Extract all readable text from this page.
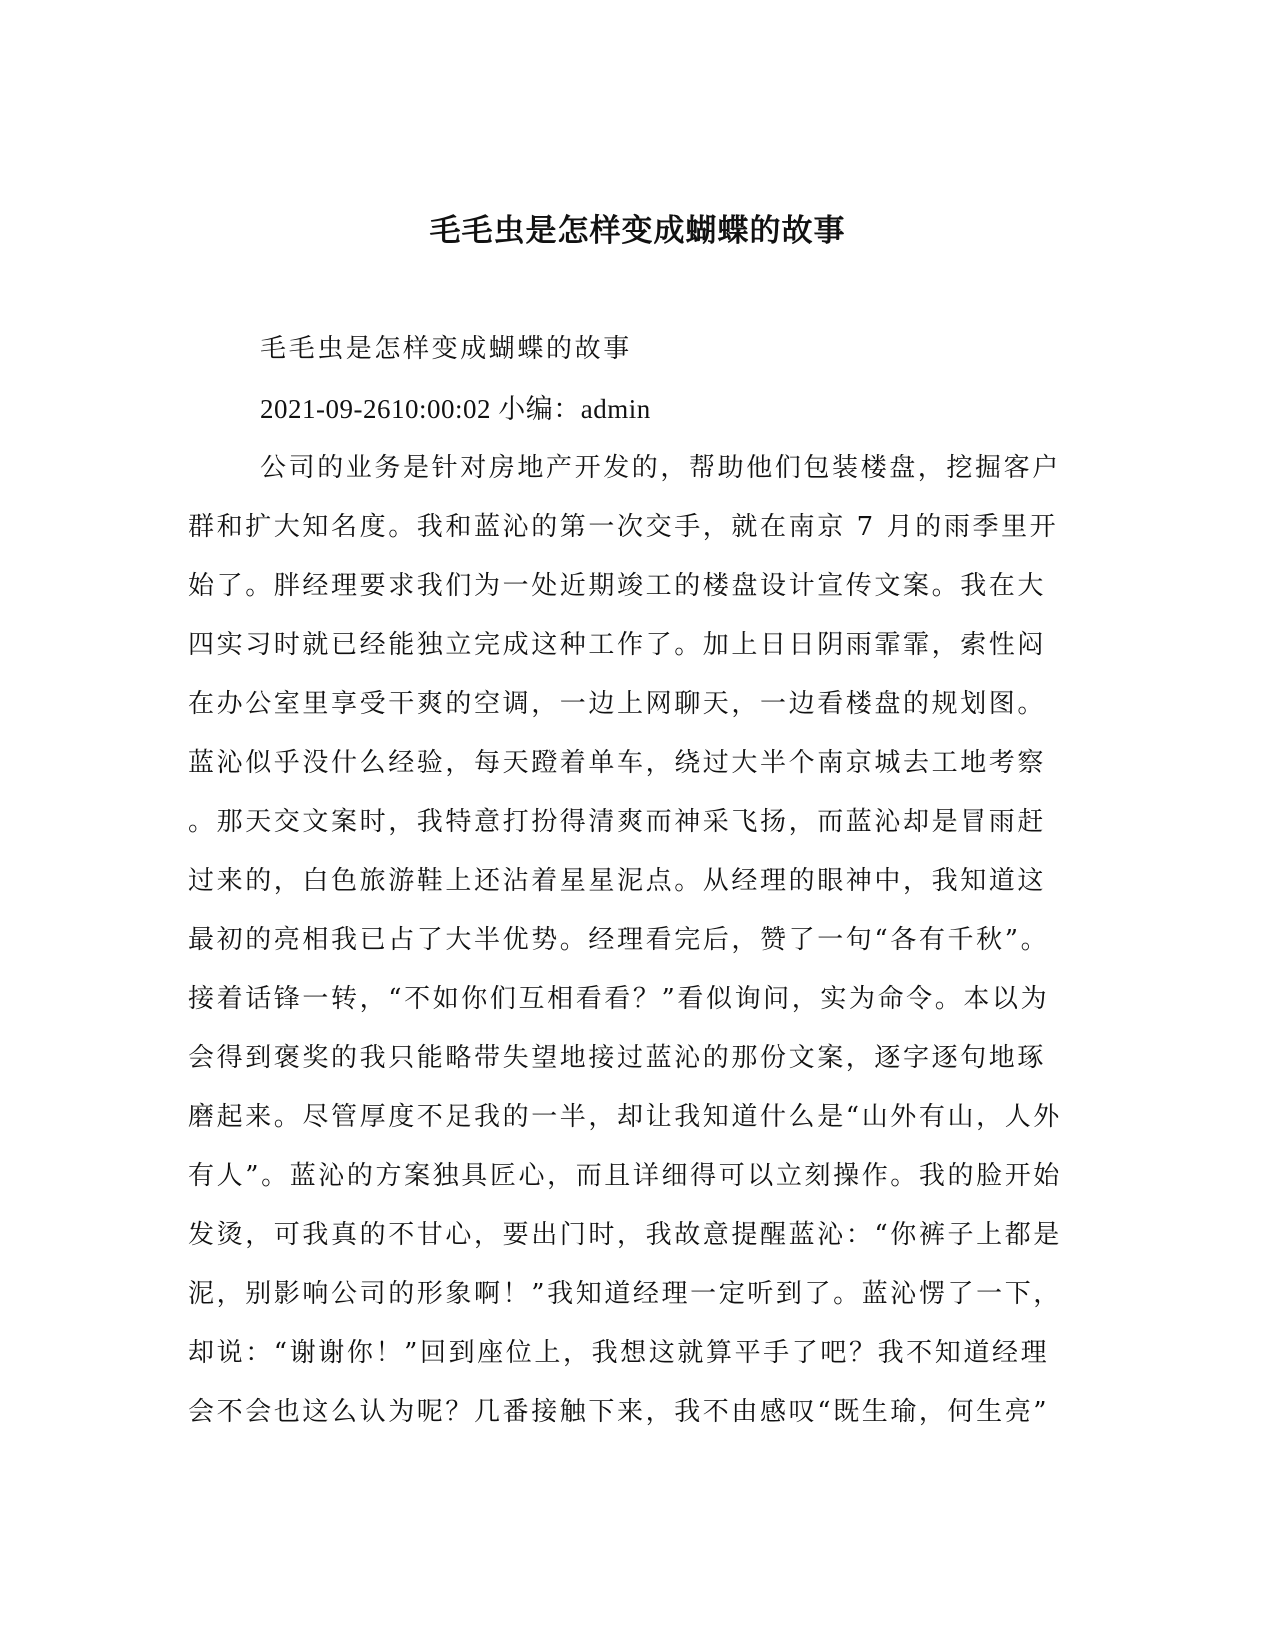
毛毛虫是怎样变成蝴蝶的故事
毛毛虫是怎样变成蝴蝶的故事
2021-09-2610:00:02 小编：admin
公司的业务是针对房地产开发的，帮助他们包装楼盘，挖掘客户
群和扩大知名度。我和蓝沁的第一次交手，就在南京 7 月的雨季里开
始了。胖经理要求我们为一处近期竣工的楼盘设计宣传文案。我在大
四实习时就已经能独立完成这种工作了。加上日日阴雨霏霏，索性闷
在办公室里享受干爽的空调，一边上网聊天，一边看楼盘的规划图。
蓝沁似乎没什么经验，每天蹬着单车，绕过大半个南京城去工地考察
。那天交文案时，我特意打扮得清爽而神采飞扬，而蓝沁却是冒雨赶
过来的，白色旅游鞋上还沾着星星泥点。从经理的眼神中，我知道这
最初的亮相我已占了大半优势。经理看完后，赞了一句“各有千秋”。
接着话锋一转，“不如你们互相看看？”看似询问，实为命令。本以为
会得到褒奖的我只能略带失望地接过蓝沁的那份文案，逐字逐句地琢
磨起来。尽管厚度不足我的一半，却让我知道什么是“山外有山，人外
有人”。蓝沁的方案独具匠心，而且详细得可以立刻操作。我的脸开始
发烫，可我真的不甘心，要出门时，我故意提醒蓝沁：“你裤子上都是
泥，别影响公司的形象啊！”我知道经理一定听到了。蓝沁愣了一下，
却说：“谢谢你！”回到座位上，我想这就算平手了吧？我不知道经理
会不会也这么认为呢？几番接触下来，我不由感叹“既生瑜，何生亮”
